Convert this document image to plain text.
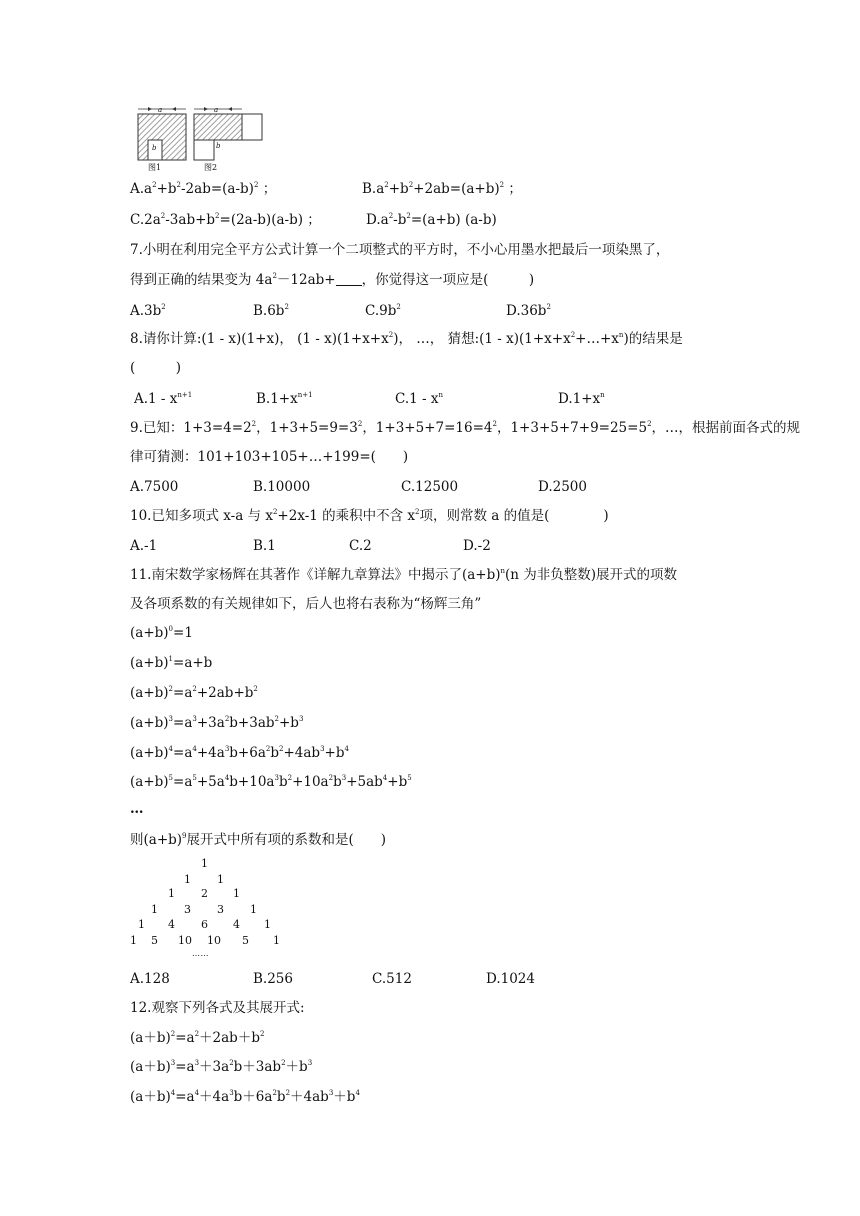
a
b
图1
a
b
图2
$A.a^2+b^2-2ab=(a-b)^2$ ；	$B.a^2+b^2+2ab=(a+b)^2$ ；
$C.2a^2-3ab+b^2=(2a-b)(a-b)$ ；	$D.a^2-b^2=(a+b)$ (a-b)
7.小明在利用完全平方公式计算一个二项整式的平方时，不小心用墨水把最后一项染黑了，
得到正确的结果变为 $4a^2-12ab+$ ，你觉得这一项应是(　　　)
$A.3b^2$	$B.6b^2$	$C.9b^2$	$D.36b^2$
8.请你计算:(1 - x)(1+x)， $(1 - x)(1+x+x^2)$， …， 猜想:(1 - $x)(1+x+x^2+\dots+x^n)$的结果是
(　　　)
$A.1 - x^{n+1}$	$B.1+x^{n+1}$	$C.1 - x^n$	$D.1+x^n$
9.已知：$1+3=4=2^2$，$1+3+5=9=3^2$，$1+3+5+7=16=4^2$，$1+3+5+7+9=25=5^2$，…，根据前面各式的规
律可猜测：101+103+105+…+199=(　　)
A.7500	B.10000	C.12500	D.2500
10.已知多项式 x-a 与 $x^2+2x-1$ 的乘积中不含 $x^2$项，则常数 a 的值是(　　　　)
A.-1	B.1	C.2	D.-2
11.南宋数学家杨辉在其著作《详解九章算法》中揭示了$(a+b)^n(n$ 为非负整数)展开式的项数
及各项系数的有关规律如下，后人也将右表称为“杨辉三角”
$(a+b)^0=1$
$(a+b)^1=a+b$
$(a+b)^2=a^2+2ab+b^2$
$(a+b)^3=a^3+3a^2b+3ab^2+b^3$
$(a+b)^4=a^4+4a^3b+6a^2b^2+4ab^3+b^4$
$(a+b)^5=a^5+5a^4b+10a^3b^2+10a^2b^3+5ab^4+b^5$
…
则$(a+b)^9$展开式中所有项的系数和是(　　)
1
1 1
1 2 1
1 3 3 1
1 4 6 4 1
1 5 10 10 5 1
……
A.128	B.256	C.512	D.1024
12.观察下列各式及其展开式:
$(a+b)^2=a^2+2ab+b^2$
$(a+b)^3=a^3+3a^2b+3ab^2+b^3$
$(a+b)^4=a^4+4a^3b+6a^2b^2+4ab^3+b^4$
